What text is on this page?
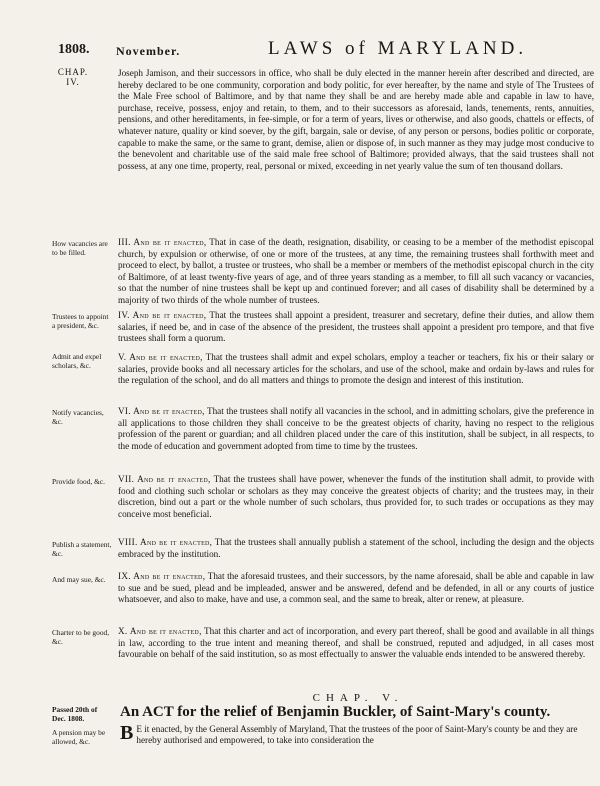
1808. November.	LAWS of MARYLAND.
CHAP. IV.

Joseph Jamison, and their successors in office, who shall be duly elected in the manner herein after described and directed, are hereby declared to be one community, corporation and body politic, for ever hereafter, by the name and style of The Trustees of the Male Free school of Baltimore, and by that name they shall be and are hereby made able and capable in law to have, purchase, receive, possess, enjoy and retain, to them, and to their successors as aforesaid, lands, tenements, rents, annuities, pensions, and other hereditaments, in fee-simple, or for a term of years, lives or otherwise, and also goods, chattels or effects, of whatever nature, quality or kind soever, by the gift, bargain, sale or devise, of any person or persons, bodies politic or corporate, capable to make the same, or the same to grant, demise, alien or dispose of, in such manner as they may judge most conducive to the benevolent and charitable use of the said male free school of Baltimore; provided always, that the said trustees shall not possess, at any one time, property, real, personal or mixed, exceeding in net yearly value the sum of ten thousand dollars.

How vacancies are to be filled.

III. And be it enacted, That in case of the death, resignation, disability, or ceasing to be a member of the methodist episcopal church, by expulsion or otherwise, of one or more of the trustees, at any time, the remaining trustees shall forthwith meet and proceed to elect, by ballot, a trustee or trustees, who shall be a member or members of the methodist episcopal church in the city of Baltimore, of at least twenty-five years of age, and of three years standing as a member, to fill all such vacancy or vacancies, so that the number of nine trustees shall be kept up and continued forever; and all cases of disability shall be determined by a majority of two thirds of the whole number of trustees.

Trustees to appoint a president, &c.

IV. And be it enacted, That the trustees shall appoint a president, treasurer and secretary, define their duties, and allow them salaries, if need be, and in case of the absence of the president, the trustees shall appoint a president pro tempore, and that five trustees shall form a quorum.

Admit and expel scholars, &c.

V. And be it enacted, That the trustees shall admit and expel scholars, employ a teacher or teachers, fix his or their salary or salaries, provide books and all necessary articles for the scholars, and use of the school, make and ordain by-laws and rules for the regulation of the school, and do all matters and things to promote the design and interest of this institution.

Notify vacancies, &c.

VI. And be it enacted, That the trustees shall notify all vacancies in the school, and in admitting scholars, give the preference in all applications to those children they shall conceive to be the greatest objects of charity, having no respect to the religious profession of the parent or guardian; and all children placed under the care of this institution, shall be subject, in all respects, to the mode of education and government adopted from time to time by the trustees.

Provide food, &c.	VII. And be it enacted, That the trustees shall have power, whenever the funds of the institution shall admit, to provide with food and clothing such scholar or scholars as they may conceive the greatest objects of charity; and the trustees may, in their discretion, bind out a part or the whole number of such scholars, thus provided for, to such trades or occupations as they may conceive most beneficial.

Publish a statement, &c.

VIII. And be it enacted, That the trustees shall annually publish a statement of the school, including the design and the objects embraced by the institution.

And may sue, &c.	IX. And be it enacted, That the aforesaid trustees, and their successors, by the name aforesaid, shall be able and capable in law to sue and be sued, plead and be impleaded, answer and be answered, defend and be defended, in all or any courts of justice whatsoever, and also to make, have and use, a common seal, and the same to break, alter or renew, at pleasure.

Charter to be good, &c.

X. And be it enacted, That this charter and act of incorporation, and every part thereof, shall be good and available in all things in law, according to the true intent and meaning thereof, and shall be construed, reputed and adjudged, in all cases most favourable on behalf of the said institution, so as most effectually to answer the valuable ends intended to be answered thereby.

CHAP. V.
Passed 20th of Dec. 1808.	An ACT for the relief of Benjamin Buckler, of Saint-Mary's county.
A pension may be allowed, &c.	B E it enacted, by the General Assembly of Maryland, That the trustees of the poor of Saint-Mary's county be and they are hereby authorised and empowered, to take into consideration the
